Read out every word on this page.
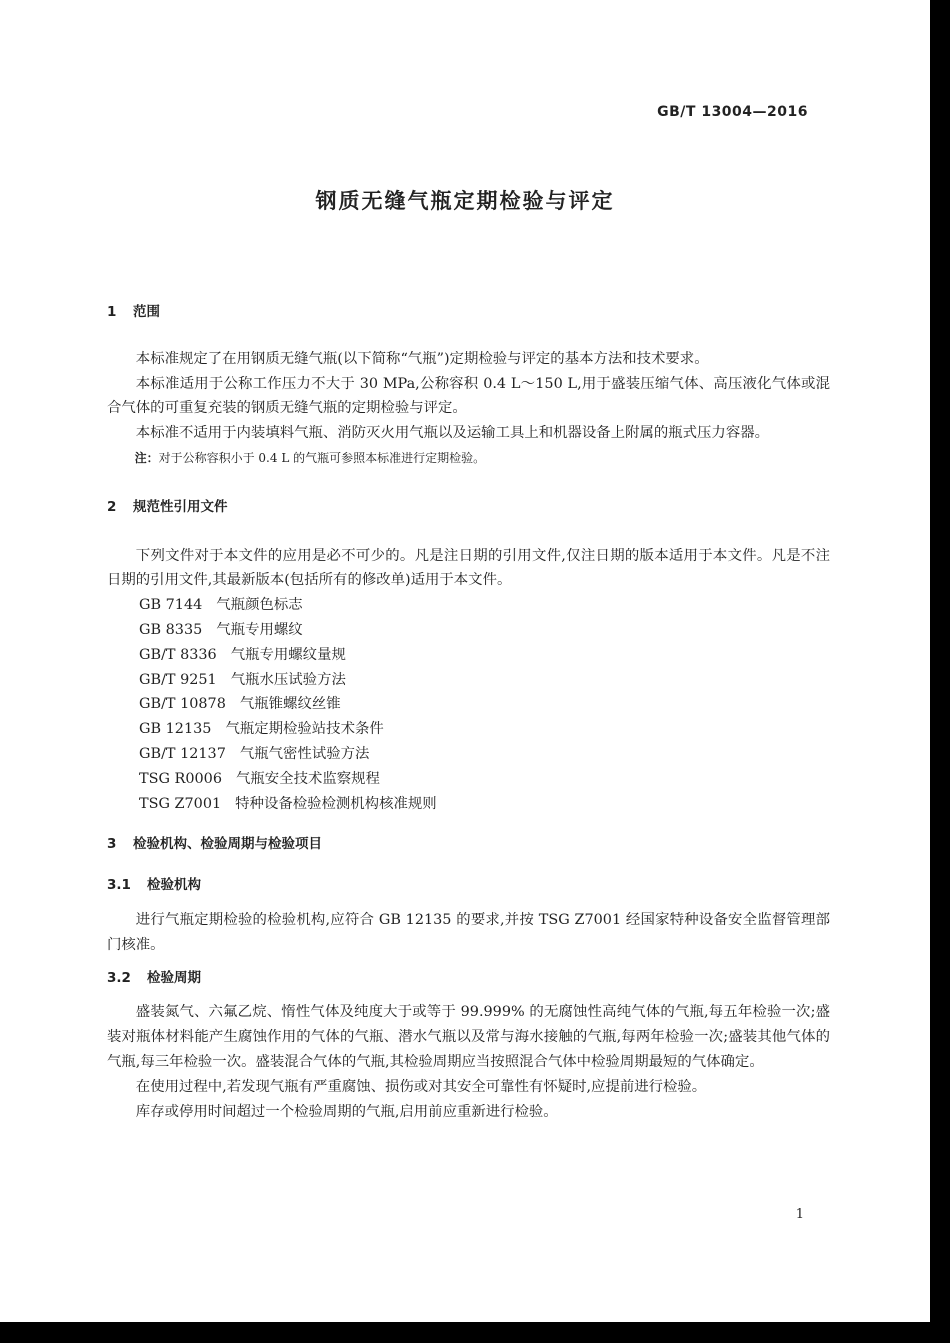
GB/T 13004—2016
钢质无缝气瓶定期检验与评定
1 范围

本标准规定了在用钢质无缝气瓶(以下简称“气瓶”)定期检验与评定的基本方法和技术要求。

本标准适用于公称工作压力不大于 30 MPa,公称容积 0.4 L～150 L,用于盛装压缩气体、高压液化气体或混合气体的可重复充装的钢质无缝气瓶的定期检验与评定。

本标准不适用于内装填料气瓶、消防灭火用气瓶以及运输工具上和机器设备上附属的瓶式压力容器。

注：对于公称容积小于 0.4 L 的气瓶可参照本标准进行定期检验。

2 规范性引用文件

下列文件对于本文件的应用是必不可少的。凡是注日期的引用文件,仅注日期的版本适用于本文件。凡是不注日期的引用文件,其最新版本(包括所有的修改单)适用于本文件。

GB 7144 气瓶颜色标志

GB 8335 气瓶专用螺纹

GB/T 8336 气瓶专用螺纹量规

GB/T 9251 气瓶水压试验方法

GB/T 10878 气瓶锥螺纹丝锥

GB 12135 气瓶定期检验站技术条件

GB/T 12137 气瓶气密性试验方法

TSG R0006 气瓶安全技术监察规程

TSG Z7001 特种设备检验检测机构核准规则

3 检验机构、检验周期与检验项目
3.1 检验机构

进行气瓶定期检验的检验机构,应符合 GB 12135 的要求,并按 TSG Z7001 经国家特种设备安全监督管理部门核准。

3.2 检验周期

盛装氮气、六氟乙烷、惰性气体及纯度大于或等于 99.999% 的无腐蚀性高纯气体的气瓶,每五年检验一次;盛装对瓶体材料能产生腐蚀作用的气体的气瓶、潜水气瓶以及常与海水接触的气瓶,每两年检验一次;盛装其他气体的气瓶,每三年检验一次。盛装混合气体的气瓶,其检验周期应当按照混合气体中检验周期最短的气体确定。

在使用过程中,若发现气瓶有严重腐蚀、损伤或对其安全可靠性有怀疑时,应提前进行检验。

库存或停用时间超过一个检验周期的气瓶,启用前应重新进行检验。

1
